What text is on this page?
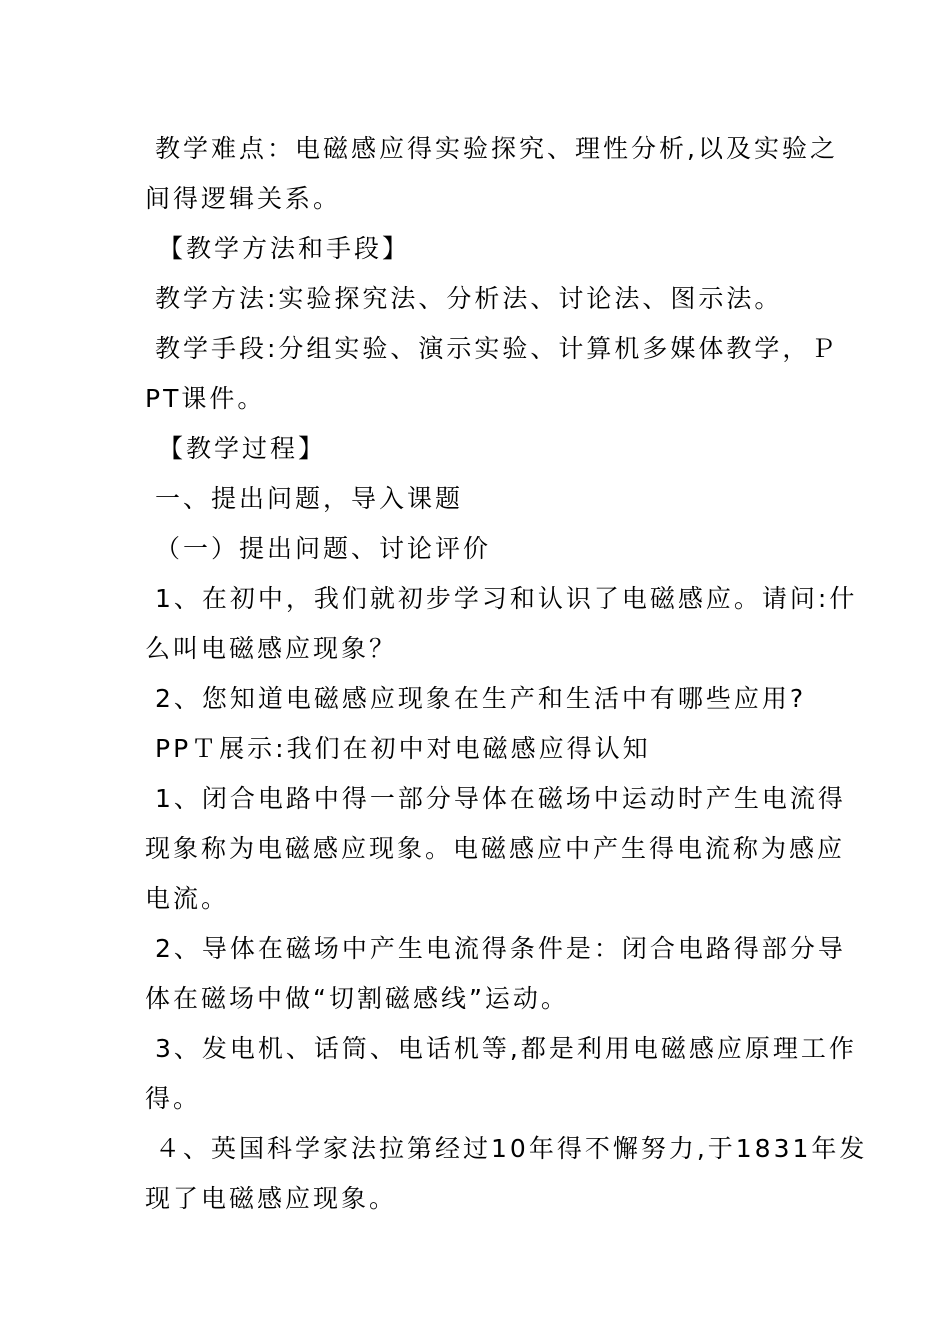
教学难点：电磁感应得实验探究、理性分析,以及实验之
间得逻辑关系。
【教学方法和手段】
教学方法:实验探究法、分析法、讨论法、图示法。
教学手段:分组实验、演示实验、计算机多媒体教学，Ｐ
PT课件。
【教学过程】
一、提出问题，导入课题
（一）提出问题、讨论评价
1、在初中，我们就初步学习和认识了电磁感应。请问:什
么叫电磁感应现象？
2、您知道电磁感应现象在生产和生活中有哪些应用?
PPＴ展示:我们在初中对电磁感应得认知
1、闭合电路中得一部分导体在磁场中运动时产生电流得
现象称为电磁感应现象。电磁感应中产生得电流称为感应
电流。
2、导体在磁场中产生电流得条件是：闭合电路得部分导
体在磁场中做“切割磁感线”运动。
3、发电机、话筒、电话机等,都是利用电磁感应原理工作
得。
４、英国科学家法拉第经过10年得不懈努力,于1831年发
现了电磁感应现象。
